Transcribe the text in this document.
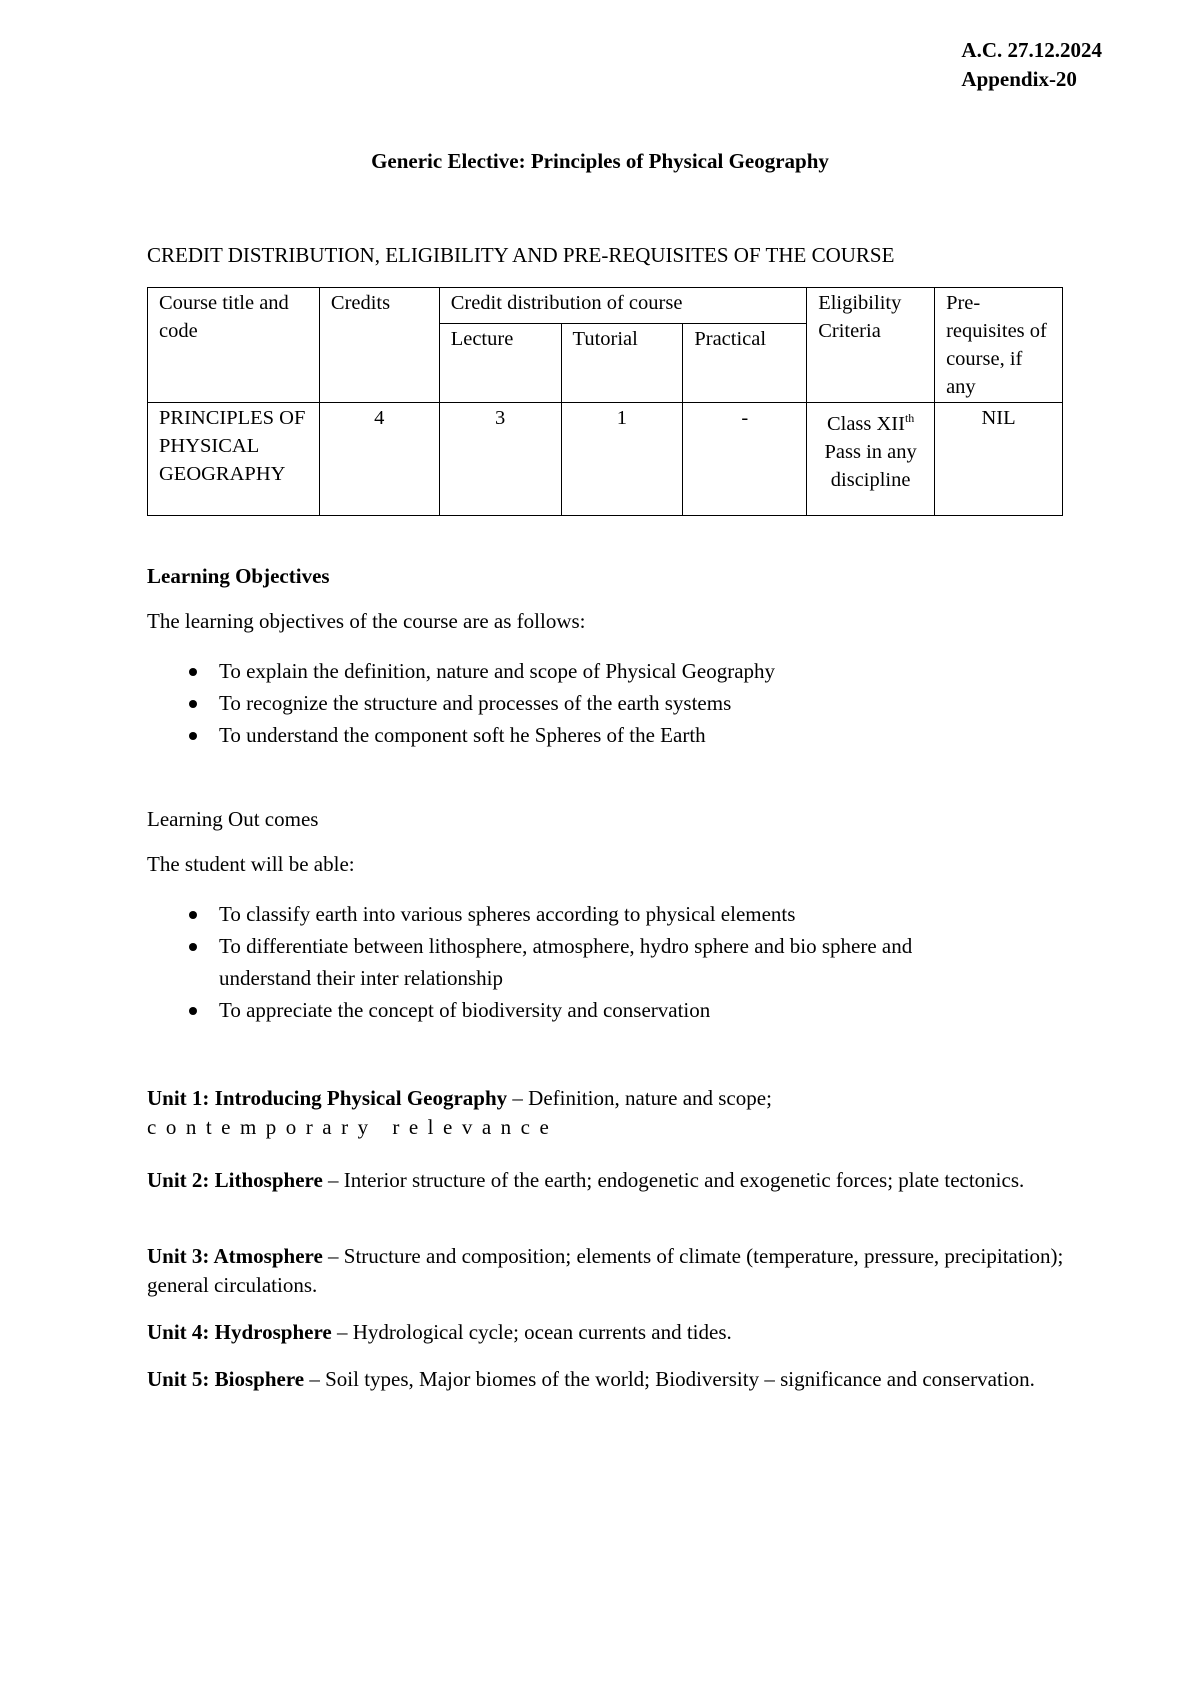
A.C. 27.12.2024
Appendix-20
Generic Elective: Principles of Physical Geography
CREDIT DISTRIBUTION, ELIGIBILITY AND PRE-REQUISITES OF THE COURSE
Course title and code	Credits	Credit distribution of course			Eligibility Criteria	Pre-requisites of course, if any
		Lecture	Tutorial	Practical		
PRINCIPLES OF PHYSICAL GEOGRAPHY	4	3	1	-	Class XIIth Pass in any discipline	NIL
Learning Objectives
The learning objectives of the course are as follows:
To explain the definition, nature and scope of Physical Geography
To recognize the structure and processes of the earth systems
To understand the component soft he Spheres of the Earth
Learning Out comes
The student will be able:
To classify earth into various spheres according to physical elements
To differentiate between lithosphere, atmosphere, hydro sphere and bio sphere and understand their inter relationship
To appreciate the concept of biodiversity and conservation
Unit 1: Introducing Physical Geography – Definition, nature and scope;
contemporary relevance
Unit 2: Lithosphere – Interior structure of the earth; endogenetic and exogenetic forces; plate tectonics.
Unit 3: Atmosphere – Structure and composition; elements of climate (temperature, pressure, precipitation); general circulations.
Unit 4: Hydrosphere – Hydrological cycle; ocean currents and tides.
Unit 5: Biosphere – Soil types, Major biomes of the world; Biodiversity – significance and conservation.
